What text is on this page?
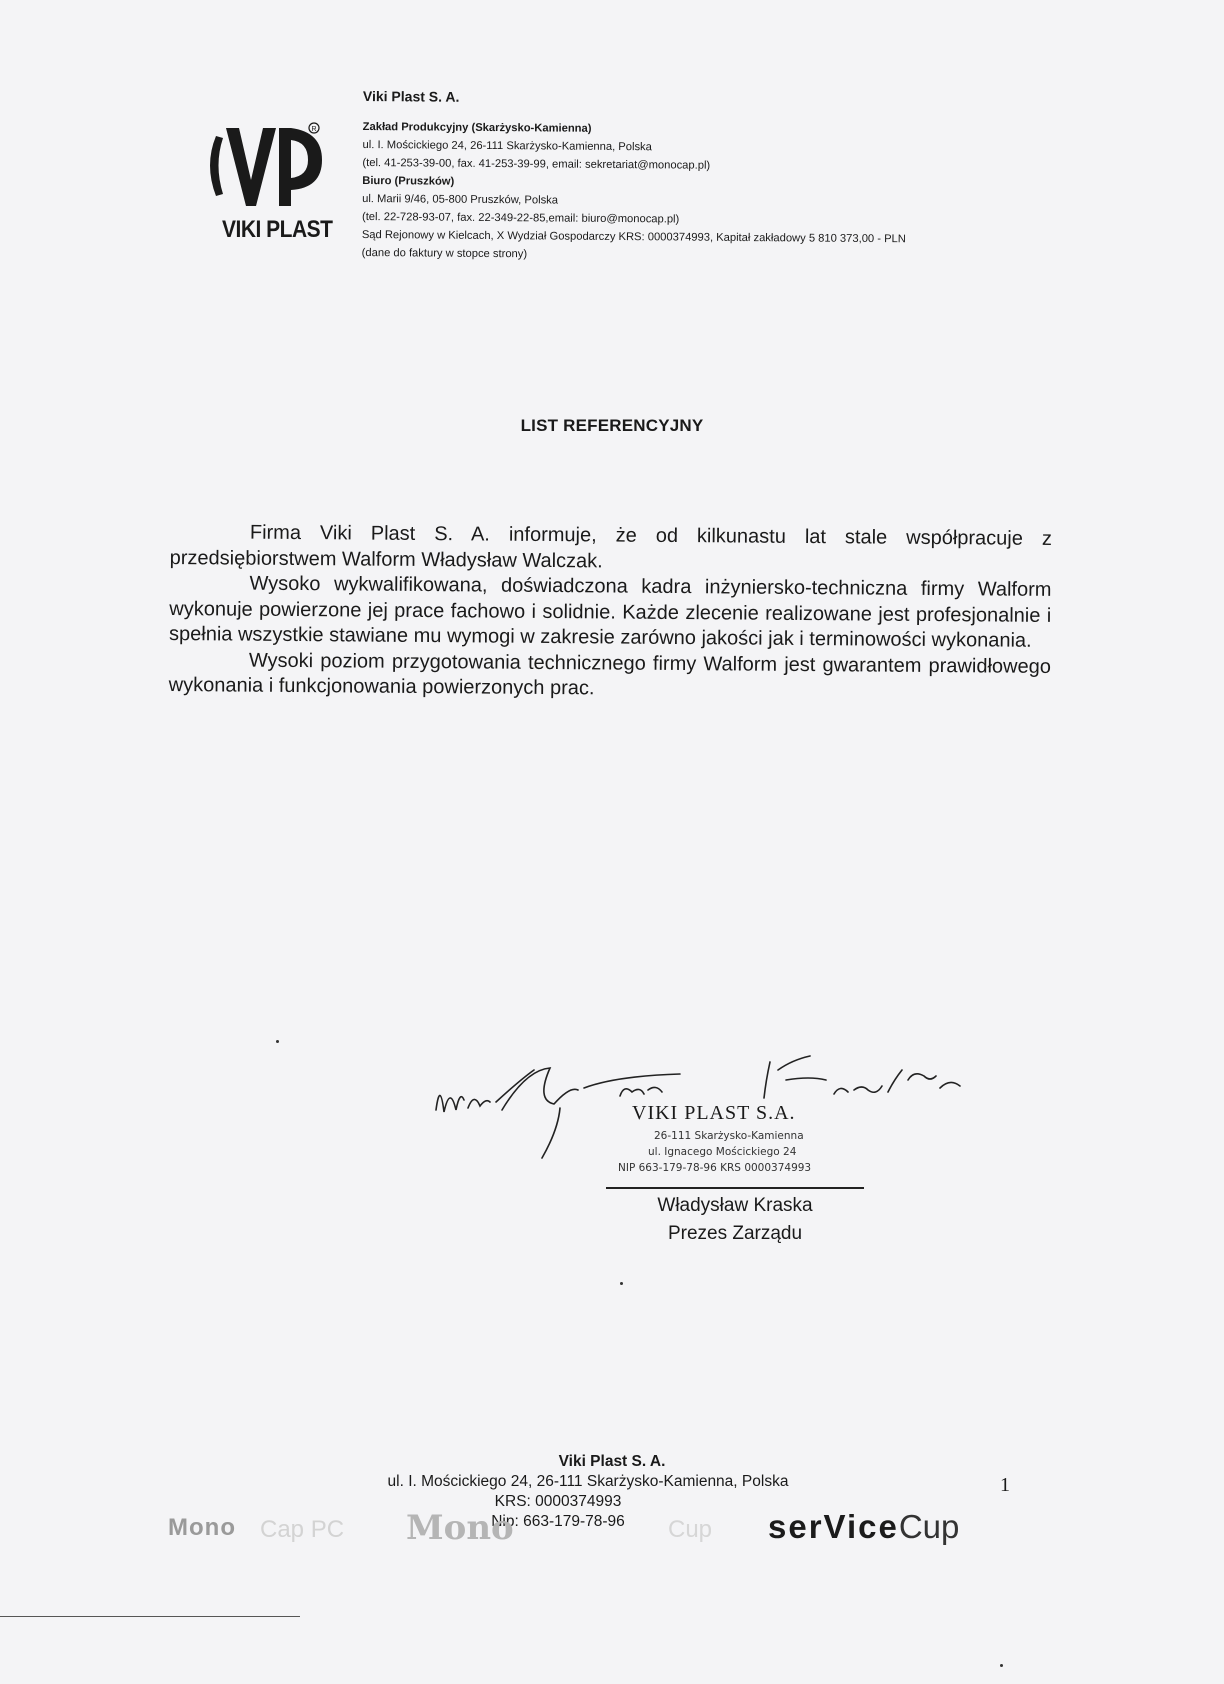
R
VIKI PLAST
Viki Plast S. A.
Zakład Produkcyjny (Skarżysko-Kamienna)
ul. I. Mościckiego 24, 26-111 Skarżysko-Kamienna, Polska
(tel. 41-253-39-00, fax. 41-253-39-99, email: sekretariat@monocap.pl)
Biuro (Pruszków)
ul. Marii 9/46, 05-800 Pruszków, Polska
(tel. 22-728-93-07, fax. 22-349-22-85,email: biuro@monocap.pl)
Sąd Rejonowy w Kielcach, X Wydział Gospodarczy KRS: 0000374993, Kapitał zakładowy 5 810 373,00 - PLN
(dane do faktury w stopce strony)
LIST REFERENCYJNY

Firma Viki Plast S. A. informuje, że od kilkunastu lat stale współpracuje z przedsiębiorstwem Walform Władysław Walczak.

Wysoko wykwalifikowana, doświadczona kadra inżyniersko-techniczna firmy Walform wykonuje powierzone jej prace fachowo i solidnie. Każde zlecenie realizowane jest profesjonalnie i spełnia wszystkie stawiane mu wymogi w zakresie zarówno jakości jak i terminowości wykonania.

Wysoki poziom przygotowania technicznego firmy Walform jest gwarantem prawidłowego wykonania i funkcjonowania powierzonych prac.

VIKI PLAST S.A.
26-111 Skarżysko-Kamienna
ul. Ignacego Mościckiego 24
NIP 663-179-78-96 KRS 0000374993
Władysław Kraska
Prezes Zarządu
Viki Plast S. A.
ul. I. Mościckiego 24, 26-111 Skarżysko-Kamienna, Polska
KRS: 0000374993
Nip: 663-179-78-96
1
Mono Cap PC Mono	Cup serViceCup
